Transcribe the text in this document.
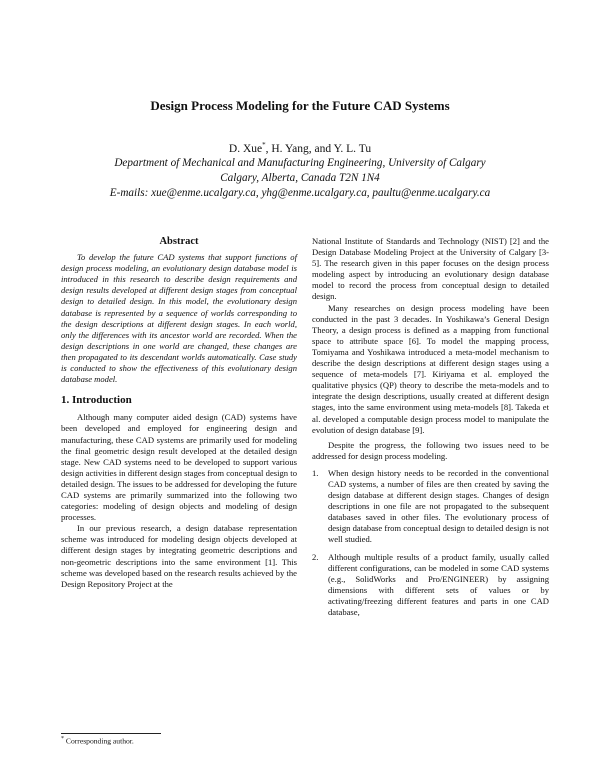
Design Process Modeling for the Future CAD Systems
D. Xue*, H. Yang, and Y. L. Tu
Department of Mechanical and Manufacturing Engineering, University of Calgary
Calgary, Alberta, Canada T2N 1N4
E-mails: xue@enme.ucalgary.ca, yhg@enme.ucalgary.ca, paultu@enme.ucalgary.ca
Abstract

To develop the future CAD systems that support functions of design process modeling, an evolutionary design database model is introduced in this research to describe design requirements and design results developed at different design stages from conceptual design to detailed design. In this model, the evolutionary design database is represented by a sequence of worlds corresponding to the design descriptions at different design stages. In each world, only the differences with its ancestor world are recorded. When the design descriptions in one world are changed, these changes are then propagated to its descendant worlds automatically. Case study is conducted to show the effectiveness of this evolutionary design database model.

1. Introduction

Although many computer aided design (CAD) systems have been developed and employed for engineering design and manufacturing, these CAD systems are primarily used for modeling the final geometric design result developed at the detailed design stage. New CAD systems need to be developed to support various design activities in different design stages from conceptual design to detailed design. The issues to be addressed for developing the future CAD systems are primarily summarized into the following two categories: modeling of design objects and modeling of design processes.

In our previous research, a design database representation scheme was introduced for modeling design objects developed at different design stages by integrating geometric descriptions and non-geometric descriptions into the same environment [1]. This scheme was developed based on the research results achieved by the Design Repository Project at the

National Institute of Standards and Technology (NIST) [2] and the Design Database Modeling Project at the University of Calgary [3-5]. The research given in this paper focuses on the design process modeling aspect by introducing an evolutionary design database model to record the process from conceptual design to detailed design.

Many researches on design process modeling have been conducted in the past 3 decades. In Yoshikawa’s General Design Theory, a design process is defined as a mapping from functional space to attribute space [6]. To model the mapping process, Tomiyama and Yoshikawa introduced a meta-model mechanism to describe the design descriptions at different design stages using a sequence of meta-models [7]. Kiriyama et al. employed the qualitative physics (QP) theory to describe the meta-models and to integrate the design descriptions, usually created at different design stages, into the same environment using meta-models [8]. Takeda et al. developed a computable design process model to manipulate the evolution of design database [9].

Despite the progress, the following two issues need to be addressed for design process modeling.

1.	When design history needs to be recorded in the conventional CAD systems, a number of files are then created by saving the design database at different design stages. Changes of design descriptions in one file are not propagated to the subsequent databases saved in other files. The evolutionary process of design database from conceptual design to detailed design is not well studied.
2.	Although multiple results of a product family, usually called different configurations, can be modeled in some CAD systems (e.g., SolidWorks and Pro/ENGINEER) by assigning dimensions with different sets of values or by activating/freezing different features and parts in one CAD database,
* Corresponding author.
